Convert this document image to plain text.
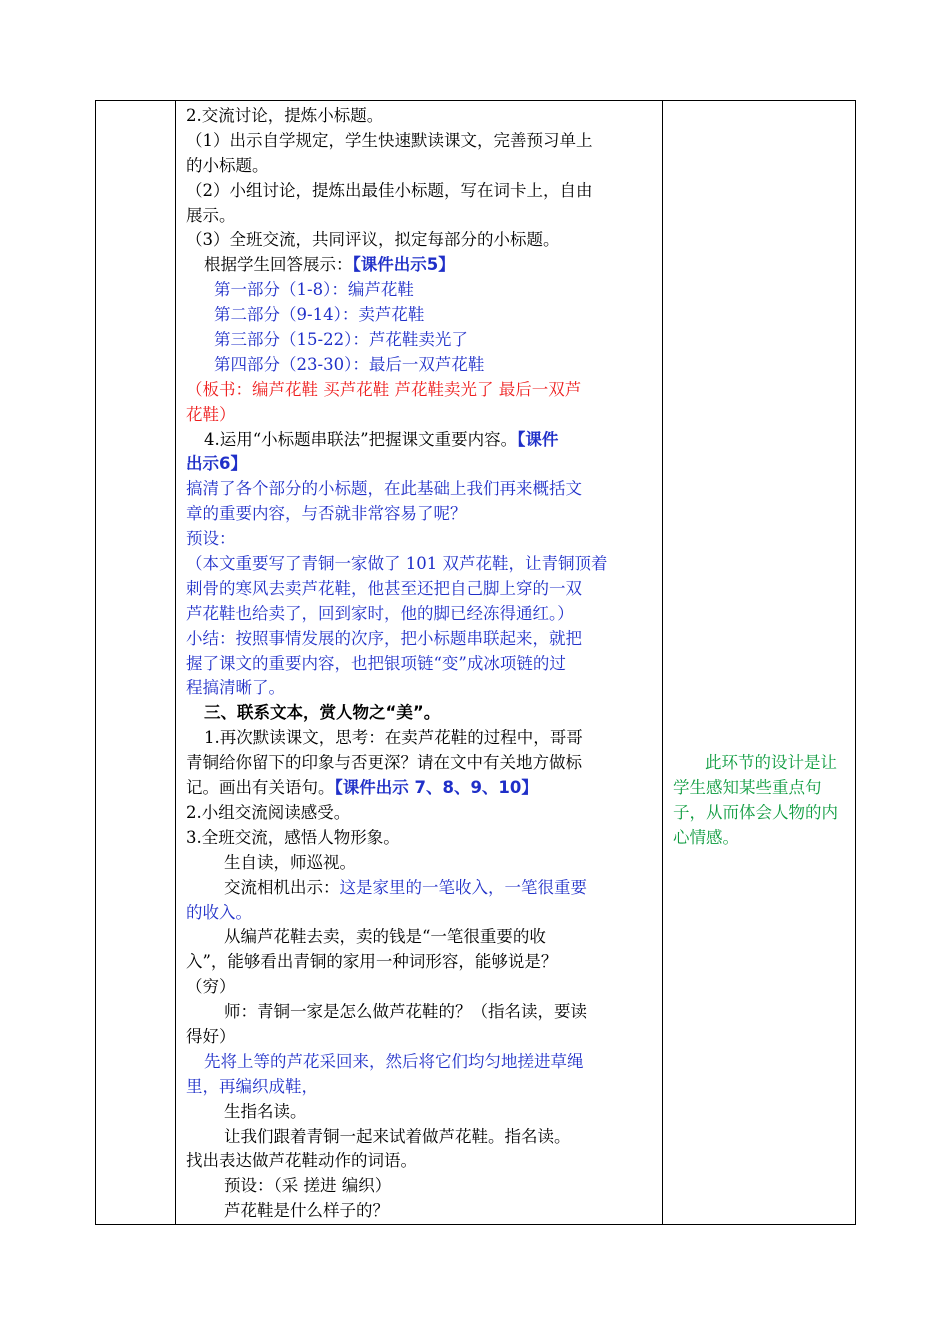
2.交流讨论，提炼小标题。
（1）出示自学规定，学生快速默读课文，完善预习单上
的小标题。
（2）小组讨论，提炼出最佳小标题，写在词卡上，自由
展示。
（3）全班交流，共同评议，拟定每部分的小标题。
根据学生回答展示：【课件出示5】
第一部分（1-8）：编芦花鞋
第二部分（9-14）：卖芦花鞋
第三部分（15-22）：芦花鞋卖光了
第四部分（23-30）：最后一双芦花鞋
（板书：编芦花鞋 买芦花鞋 芦花鞋卖光了 最后一双芦
花鞋）
4.运用“小标题串联法”把握课文重要内容。【课件
出示6】
搞清了各个部分的小标题，在此基础上我们再来概括文
章的重要内容，与否就非常容易了呢？
预设：
（本文重要写了青铜一家做了 101 双芦花鞋，让青铜顶着
刺骨的寒风去卖芦花鞋，他甚至还把自己脚上穿的一双
芦花鞋也给卖了，回到家时，他的脚已经冻得通红。）
小结：按照事情发展的次序，把小标题串联起来，就把
握了课文的重要内容，也把银项链“变”成冰项链的过
程搞清晰了。
三、联系文本，赏人物之“美”。
1.再次默读课文，思考：在卖芦花鞋的过程中，哥哥
青铜给你留下的印象与否更深？请在文中有关地方做标
记。画出有关语句。【课件出示 7、8、9、10】
2.小组交流阅读感受。
3.全班交流，感悟人物形象。
生自读，师巡视。
交流相机出示：这是家里的一笔收入，一笔很重要
的收入。
从编芦花鞋去卖，卖的钱是“一笔很重要的收
入”，能够看出青铜的家用一种词形容，能够说是？
（穷）
师：青铜一家是怎么做芦花鞋的？（指名读，要读
得好）
先将上等的芦花采回来，然后将它们均匀地搓进草绳
里，再编织成鞋，
生指名读。
让我们跟着青铜一起来试着做芦花鞋。指名读。
找出表达做芦花鞋动作的词语。
预设：（采 搓进 编织）
芦花鞋是什么样子的？

此环节的设计是让学生感知某些重点句子，从而体会人物的内心情感。
